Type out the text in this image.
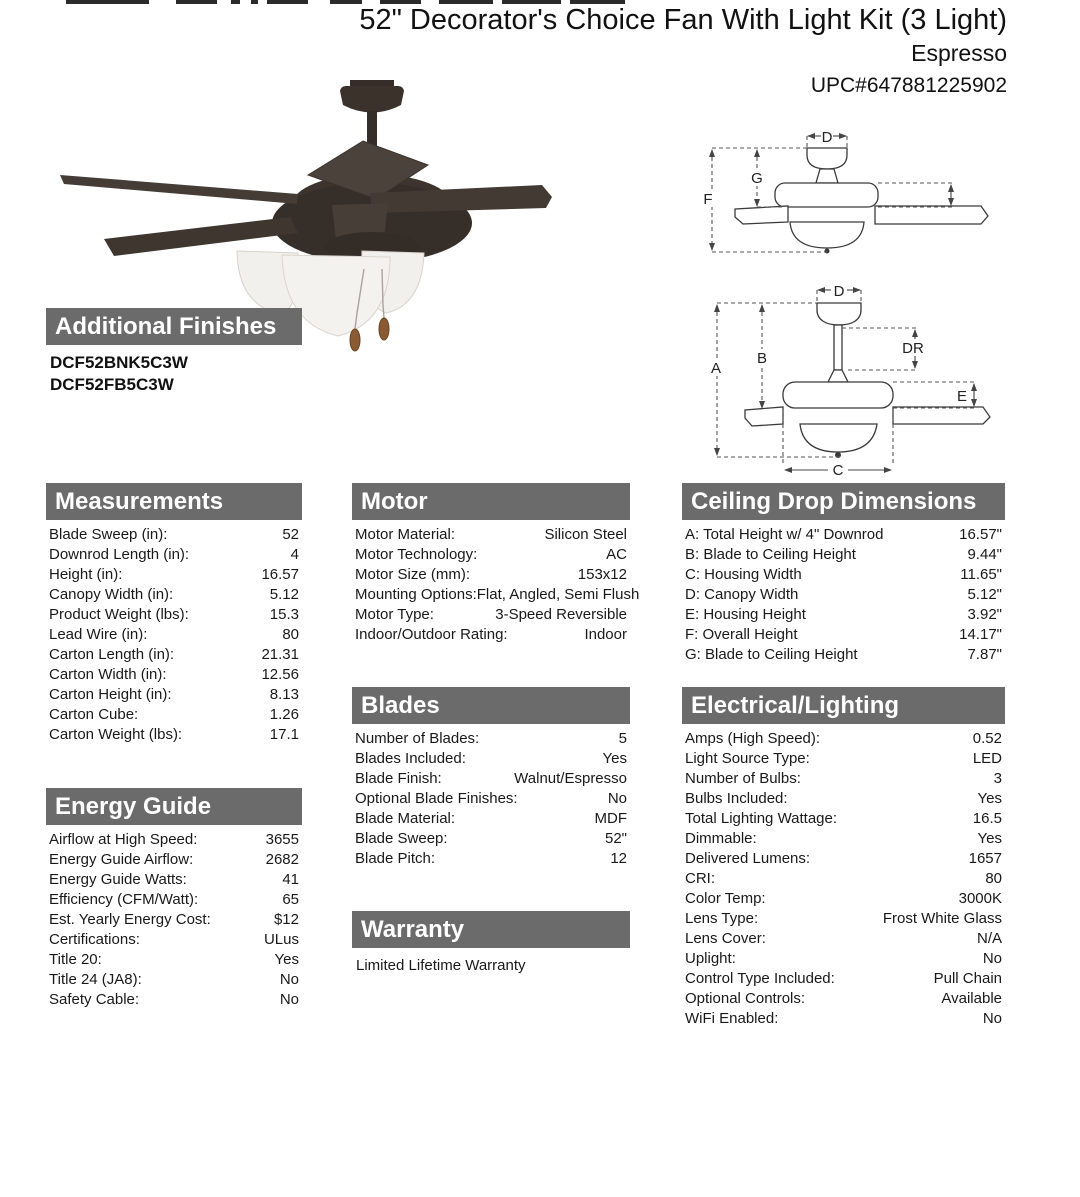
52" Decorator's Choice Fan With Light Kit (3 Light)
Espresso
UPC#647881225902
D
F
G
D
A
B
DR
E
C
Additional Finishes
DCF52BNK5C3W
DCF52FB5C3W
Measurements
Blade Sweep (in):	52
Downrod Length (in):	4
Height (in):	16.57
Canopy Width (in):	5.12
Product Weight (lbs):	15.3
Lead Wire (in):	80
Carton Length (in):	21.31
Carton Width (in):	12.56
Carton Height (in):	8.13
Carton Cube:	1.26
Carton Weight (lbs):	17.1
Energy Guide
Airflow at High Speed:	3655
Energy Guide Airflow:	2682
Energy Guide Watts:	41
Efficiency (CFM/Watt):	65
Est. Yearly Energy Cost:	$12
Certifications:	ULus
Title 20:	Yes
Title 24 (JA8):	No
Safety Cable:	No
Motor
Motor Material:	Silicon Steel
Motor Technology:	AC
Motor Size (mm):	153x12
Mounting Options: Flat, Angled, Semi Flush
Motor Type:	3-Speed Reversible
Indoor/Outdoor Rating:	Indoor
Blades
Number of Blades:	5
Blades Included:	Yes
Blade Finish:	Walnut/Espresso
Optional Blade Finishes:	No
Blade Material:	MDF
Blade Sweep:	52"
Blade Pitch:	12
Warranty
Limited Lifetime Warranty
Ceiling Drop Dimensions
A: Total Height w/ 4" Downrod	16.57"
B: Blade to Ceiling Height	9.44"
C: Housing Width	11.65"
D: Canopy Width	5.12"
E: Housing Height	3.92"
F: Overall Height	14.17"
G: Blade to Ceiling Height	7.87"
Electrical/Lighting
Amps (High Speed):	0.52
Light Source Type:	LED
Number of Bulbs:	3
Bulbs Included:	Yes
Total Lighting Wattage:	16.5
Dimmable:	Yes
Delivered Lumens:	1657
CRI:	80
Color Temp:	3000K
Lens Type:	Frost White Glass
Lens Cover:	N/A
Uplight:	No
Control Type Included:	Pull Chain
Optional Controls:	Available
WiFi Enabled:	No
